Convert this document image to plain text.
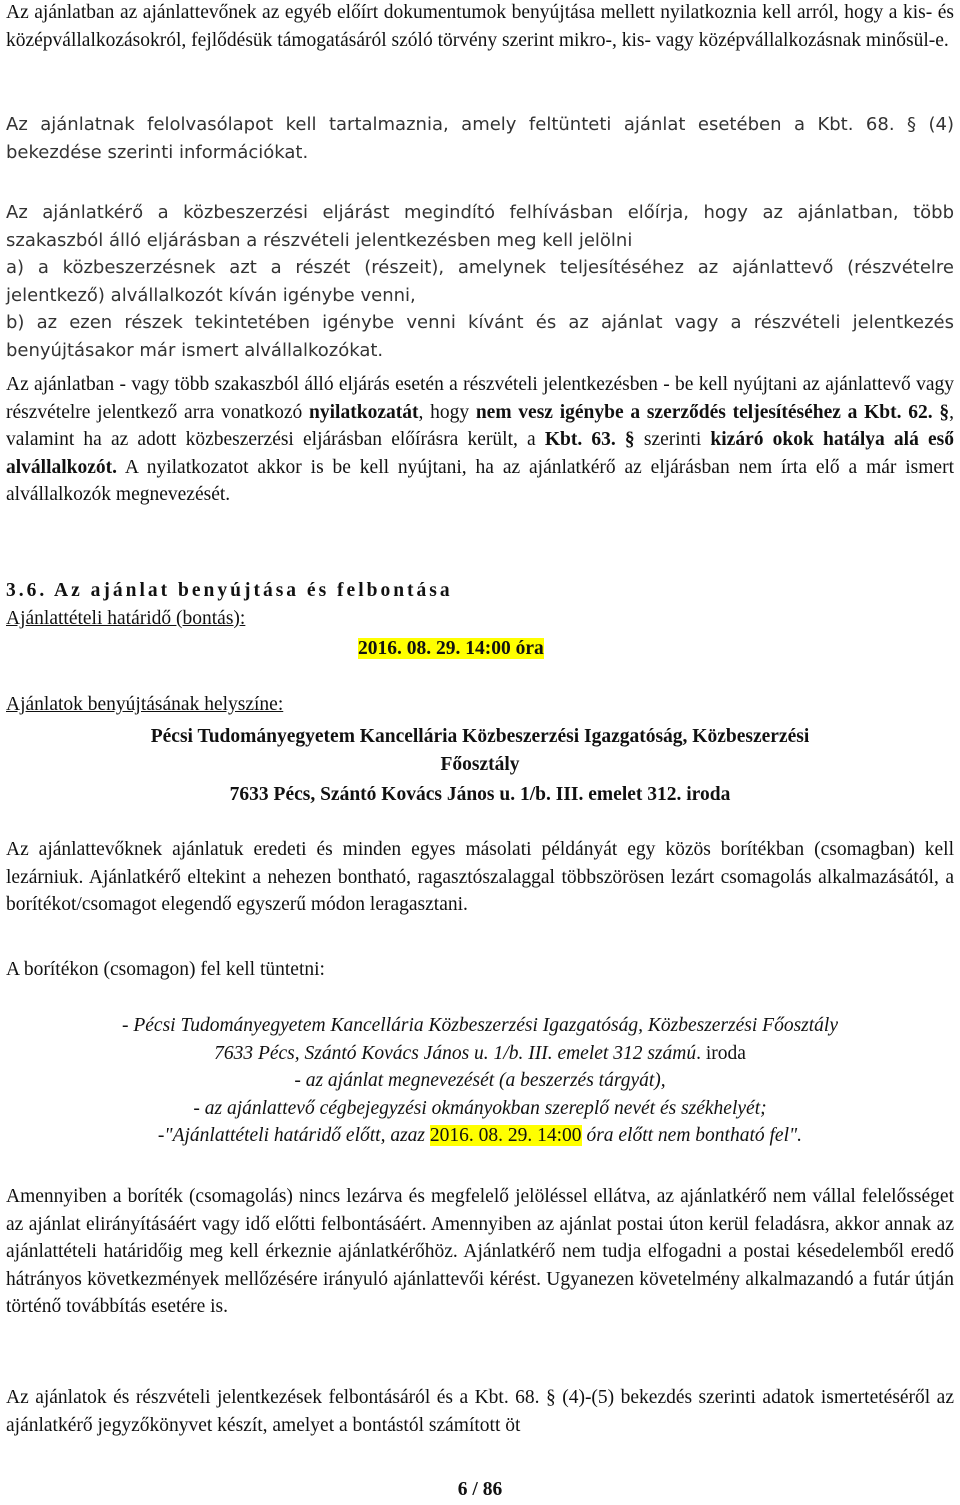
Az ajánlatban az ajánlattevőnek az egyéb előírt dokumentumok benyújtása mellett nyilatkoznia kell arról, hogy a kis- és középvállalkozásokról, fejlődésük támogatásáról szóló törvény szerint mikro-, kis- vagy középvállalkozásnak minősül-e.

Az ajánlatnak felolvasólapot kell tartalmaznia, amely feltünteti ajánlat esetében a Kbt. 68. § (4) bekezdése szerinti információkat.

Az ajánlatkérő a közbeszerzési eljárást megindító felhívásban előírja, hogy az ajánlatban, több szakaszból álló eljárásban a részvételi jelentkezésben meg kell jelölni
a) a közbeszerzésnek azt a részét (részeit), amelynek teljesítéséhez az ajánlattevő (részvételre jelentkező) alvállalkozót kíván igénybe venni,
b) az ezen részek tekintetében igénybe venni kívánt és az ajánlat vagy a részvételi jelentkezés benyújtásakor már ismert alvállalkozókat.

Az ajánlatban - vagy több szakaszból álló eljárás esetén a részvételi jelentkezésben - be kell nyújtani az ajánlattevő vagy részvételre jelentkező arra vonatkozó nyilatkozatát, hogy nem vesz igénybe a szerződés teljesítéséhez a Kbt. 62. §, valamint ha az adott közbeszerzési eljárásban előírásra került, a Kbt. 63. § szerinti kizáró okok hatálya alá eső alvállalkozót. A nyilatkozatot akkor is be kell nyújtani, ha az ajánlatkérő az eljárásban nem írta elő a már ismert alvállalkozók megnevezését.

3.6. Az ajánlat benyújtása és felbontása
Ajánlattételi határidő (bontás):
2016. 08. 29. 14:00 óra
Ajánlatok benyújtásának helyszíne:
Pécsi Tudományegyetem Kancellária Közbeszerzési Igazgatóság, Közbeszerzési
Főosztály
7633 Pécs, Szántó Kovács János u. 1/b. III. emelet 312. iroda

Az ajánlattevőknek ajánlatuk eredeti és minden egyes másolati példányát egy közös borítékban (csomagban) kell lezárniuk. Ajánlatkérő eltekint a nehezen bontható, ragasztószalaggal többszörösen lezárt csomagolás alkalmazásától, a borítékot/csomagot elegendő egyszerű módon leragasztani.

A borítékon (csomagon) fel kell tüntetni:
- Pécsi Tudományegyetem Kancellária Közbeszerzési Igazgatóság, Közbeszerzési Főosztály
7633 Pécs, Szántó Kovács János u. 1/b. III. emelet 312 számú. iroda
- az ajánlat megnevezését (a beszerzés tárgyát),
- az ajánlattevő cégbejegyzési okmányokban szereplő nevét és székhelyét;
-"Ajánlattételi határidő előtt, azaz 2016. 08. 29. 14:00 óra előtt nem bontható fel".

Amennyiben a boríték (csomagolás) nincs lezárva és megfelelő jelöléssel ellátva, az ajánlatkérő nem vállal felelősséget az ajánlat elirányításáért vagy idő előtti felbontásáért. Amennyiben az ajánlat postai úton kerül feladásra, akkor annak az ajánlattételi határidőig meg kell érkeznie ajánlatkérőhöz. Ajánlatkérő nem tudja elfogadni a postai késedelemből eredő hátrányos következmények mellőzésére irányuló ajánlattevői kérést. Ugyanezen követelmény alkalmazandó a futár útján történő továbbítás esetére is.

Az ajánlatok és részvételi jelentkezések felbontásáról és a Kbt. 68. § (4)-(5) bekezdés szerinti adatok ismertetéséről az ajánlatkérő jegyzőkönyvet készít, amelyet a bontástól számított öt

6 / 86
